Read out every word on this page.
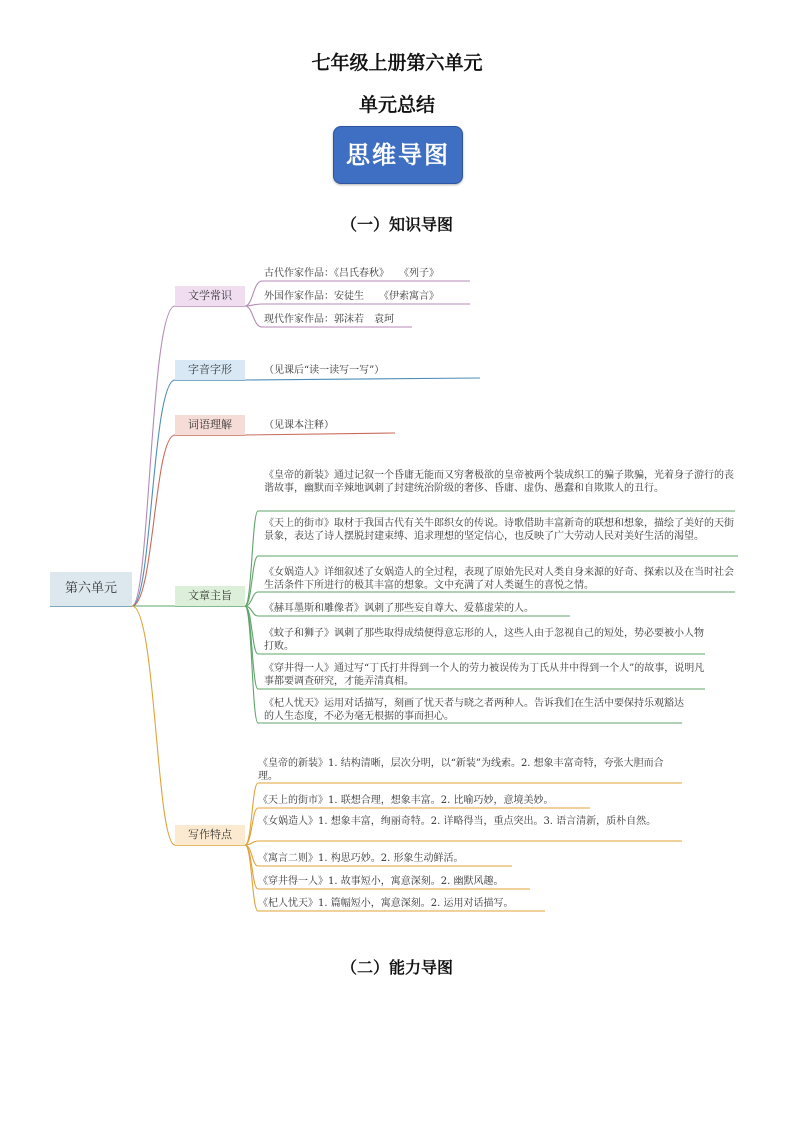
七年级上册第六单元
单元总结
思维导图
（一）知识导图
第六单元
文学常识
字音字形
词语理解
文章主旨
写作特点
古代作家作品：《吕氏春秋》　　《列子》
外国作家作品：安徒生　　《伊索寓言》
现代作家作品：郭沫若　袁珂
（见课后“读一读写一写”）
（见课本注释）
《皇帝的新装》通过记叙一个昏庸无能而又穷奢极欲的皇帝被两个装成织工的骗子欺骗，光着身子游行的丧谐故事，幽默而辛辣地讽刺了封建统治阶级的奢侈、昏庸、虚伪、愚蠢和自欺欺人的丑行。
《天上的街市》取材于我国古代有关牛郎织女的传说。诗歌借助丰富新奇的联想和想象，描绘了美好的天街景象，表达了诗人摆脱封建束缚、追求理想的坚定信心，也反映了广大劳动人民对美好生活的渴望。
《女娲造人》详细叙述了女娲造人的全过程，表现了原始先民对人类自身来源的好奇、探索以及在当时社会生活条件下所进行的极其丰富的想象。文中充满了对人类诞生的喜悦之情。
《赫耳墨斯和雕像者》讽刺了那些妄自尊大、爱慕虚荣的人。
《蚊子和狮子》讽刺了那些取得成绩便得意忘形的人，这些人由于忽视自己的短处，势必要被小人物打败。
《穿井得一人》通过写“丁氏打井得到一个人的劳力被误传为丁氏从井中得到一个人”的故事，说明凡事都要调查研究，才能弄清真相。
《杞人忧天》运用对话描写，刻画了忧天者与晓之者两种人。告诉我们在生活中要保持乐观豁达的人生态度，不必为毫无根据的事而担心。
《皇帝的新装》1. 结构清晰，层次分明，以“新装”为线索。2. 想象丰富奇特，夸张大胆而合理。
《天上的街市》1. 联想合理，想象丰富。2. 比喻巧妙，意境美妙。
《女娲造人》1. 想象丰富，绚丽奇特。2. 详略得当，重点突出。3. 语言清新，质朴自然。
《寓言二则》1. 构思巧妙。2. 形象生动鲜活。
《穿井得一人》1. 故事短小，寓意深刻。2. 幽默风趣。
《杞人忧天》1. 篇幅短小，寓意深刻。2. 运用对话描写。
（二）能力导图
